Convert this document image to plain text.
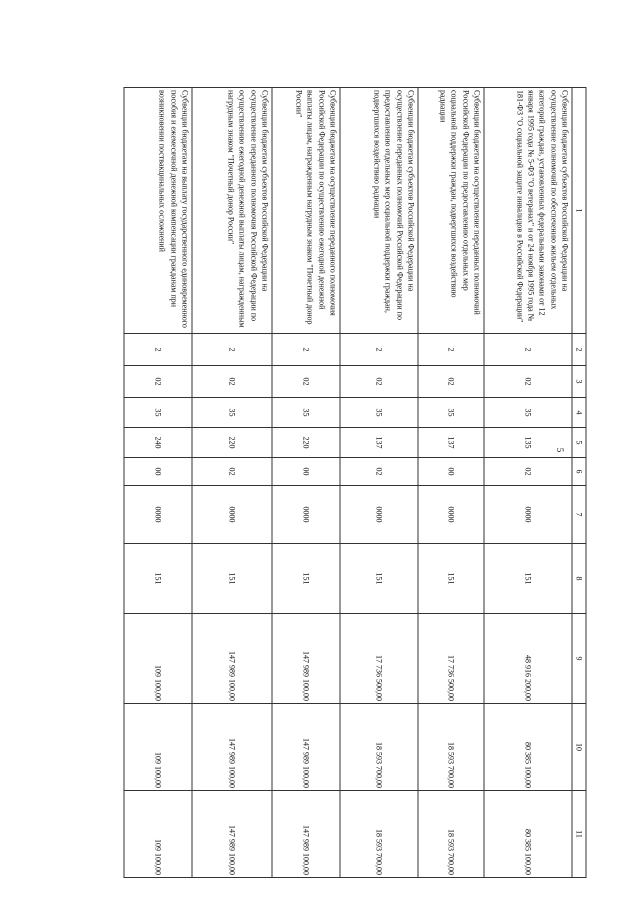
5
1	2	3	4	5	6	7	8	9	10	11
Субвенции бюджетам субъектов Российской Федерации на осуществление полномочий по обеспечению жильем отдельных категорий граждан, установленных федеральными законами от 12 января 1995 года № 5-ФЗ "О ветеранах" и от 24 ноября 1995 года № 181-ФЗ "О социальной защите инвалидов в Российской Федерации"	2	02	35	135	02	0000	151	48 916 200,00	80 385 100,00	80 385 100,00
Субвенции бюджетам на осуществление переданных полномочий Российской Федерации по предоставлению отдельных мер социальной поддержки граждан, подвергшихся воздействию радиации	2	02	35	137	00	0000	151	17 736 500,00	18 593 700,00	18 593 700,00
Субвенции бюджетам субъектов Российской Федерации на осуществление переданных полномочий Российской Федерации по предоставлению отдельных мер социальной поддержки граждан, подвергшихся воздействию радиации	2	02	35	137	02	0000	151	17 736 500,00	18 593 700,00	18 593 700,00
Субвенции бюджетам на осуществление переданного полномочия Российской Федерации по осуществлению ежегодной денежной выплаты лицам, награжденным нагрудным знаком "Почетный донор России"	2	02	35	220	00	0000	151	147 989 100,00	147 989 100,00	147 989 100,00
Субвенции бюджетам субъектов Российской Федерации на осуществление переданного полномочия Российской Федерации по осуществлению ежегодной денежной выплаты лицам, награжденным нагрудным знаком "Почетный донор России"	2	02	35	220	02	0000	151	147 989 100,00	147 989 100,00	147 989 100,00
Субвенции бюджетам на выплату государственного единовременного пособия и ежемесячной денежной компенсации гражданам при возникновении поствакцинальных осложнений	2	02	35	240	00	0000	151	109 100,00	109 100,00	109 100,00
